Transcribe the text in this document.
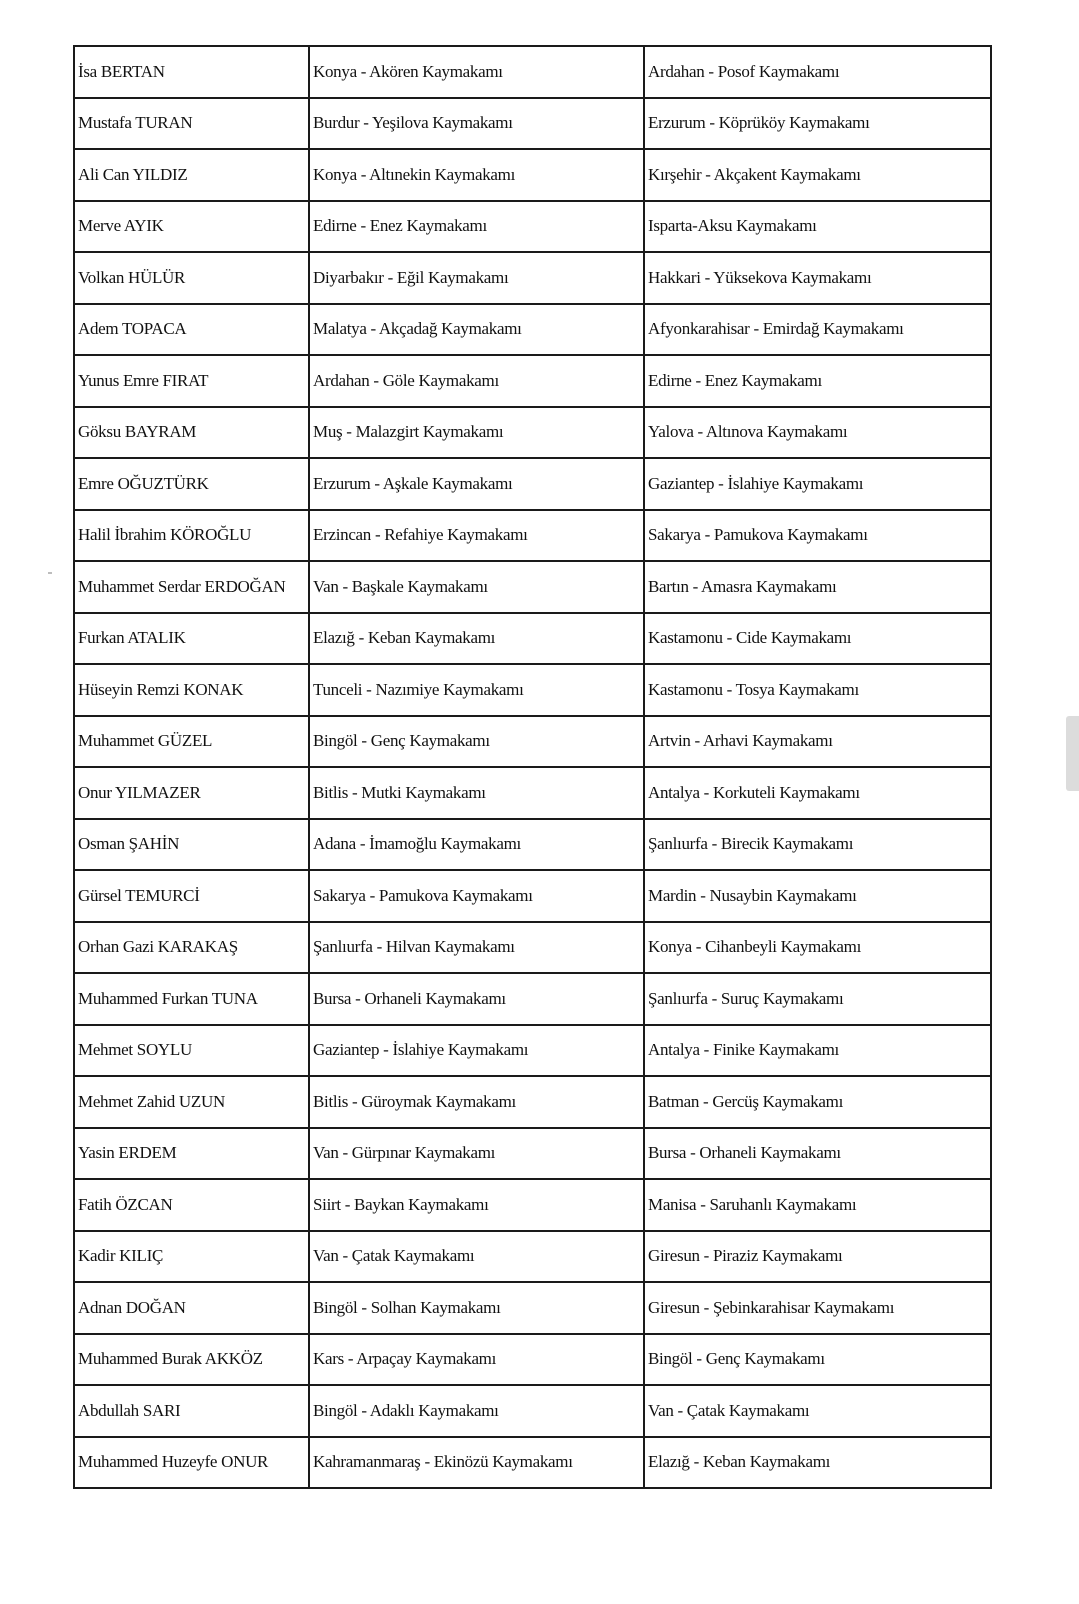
İsa BERTAN	Konya - Akören Kaymakamı	Ardahan - Posof Kaymakamı
Mustafa TURAN	Burdur - Yeşilova Kaymakamı	Erzurum - Köprüköy Kaymakamı
Ali Can YILDIZ	Konya - Altınekin Kaymakamı	Kırşehir - Akçakent Kaymakamı
Merve AYIK	Edirne - Enez Kaymakamı	Isparta-Aksu Kaymakamı
Volkan HÜLÜR	Diyarbakır - Eğil Kaymakamı	Hakkari - Yüksekova Kaymakamı
Adem TOPACA	Malatya - Akçadağ Kaymakamı	Afyonkarahisar - Emirdağ Kaymakamı
Yunus Emre FIRAT	Ardahan - Göle Kaymakamı	Edirne - Enez Kaymakamı
Göksu BAYRAM	Muş - Malazgirt Kaymakamı	Yalova - Altınova Kaymakamı
Emre OĞUZTÜRK	Erzurum - Aşkale Kaymakamı	Gaziantep - İslahiye Kaymakamı
Halil İbrahim KÖROĞLU	Erzincan - Refahiye Kaymakamı	Sakarya - Pamukova Kaymakamı
Muhammet Serdar ERDOĞAN	Van - Başkale Kaymakamı	Bartın - Amasra Kaymakamı
Furkan ATALIK	Elazığ - Keban Kaymakamı	Kastamonu - Cide Kaymakamı
Hüseyin Remzi KONAK	Tunceli - Nazımiye Kaymakamı	Kastamonu - Tosya Kaymakamı
Muhammet GÜZEL	Bingöl - Genç Kaymakamı	Artvin - Arhavi Kaymakamı
Onur YILMAZER	Bitlis - Mutki Kaymakamı	Antalya - Korkuteli Kaymakamı
Osman ŞAHİN	Adana - İmamoğlu Kaymakamı	Şanlıurfa - Birecik Kaymakamı
Gürsel TEMURCİ	Sakarya - Pamukova Kaymakamı	Mardin - Nusaybin Kaymakamı
Orhan Gazi KARAKAŞ	Şanlıurfa - Hilvan Kaymakamı	Konya - Cihanbeyli Kaymakamı
Muhammed Furkan TUNA	Bursa - Orhaneli Kaymakamı	Şanlıurfa - Suruç Kaymakamı
Mehmet SOYLU	Gaziantep - İslahiye Kaymakamı	Antalya - Finike Kaymakamı
Mehmet Zahid UZUN	Bitlis - Güroymak Kaymakamı	Batman - Gercüş Kaymakamı
Yasin ERDEM	Van - Gürpınar Kaymakamı	Bursa - Orhaneli Kaymakamı
Fatih ÖZCAN	Siirt - Baykan Kaymakamı	Manisa - Saruhanlı Kaymakamı
Kadir KILIÇ	Van - Çatak Kaymakamı	Giresun - Piraziz Kaymakamı
Adnan DOĞAN	Bingöl - Solhan Kaymakamı	Giresun - Şebinkarahisar Kaymakamı
Muhammed Burak AKKÖZ	Kars - Arpaçay Kaymakamı	Bingöl - Genç Kaymakamı
Abdullah SARI	Bingöl - Adaklı Kaymakamı	Van - Çatak Kaymakamı
Muhammed Huzeyfe ONUR	Kahramanmaraş - Ekinözü Kaymakamı	Elazığ - Keban Kaymakamı
